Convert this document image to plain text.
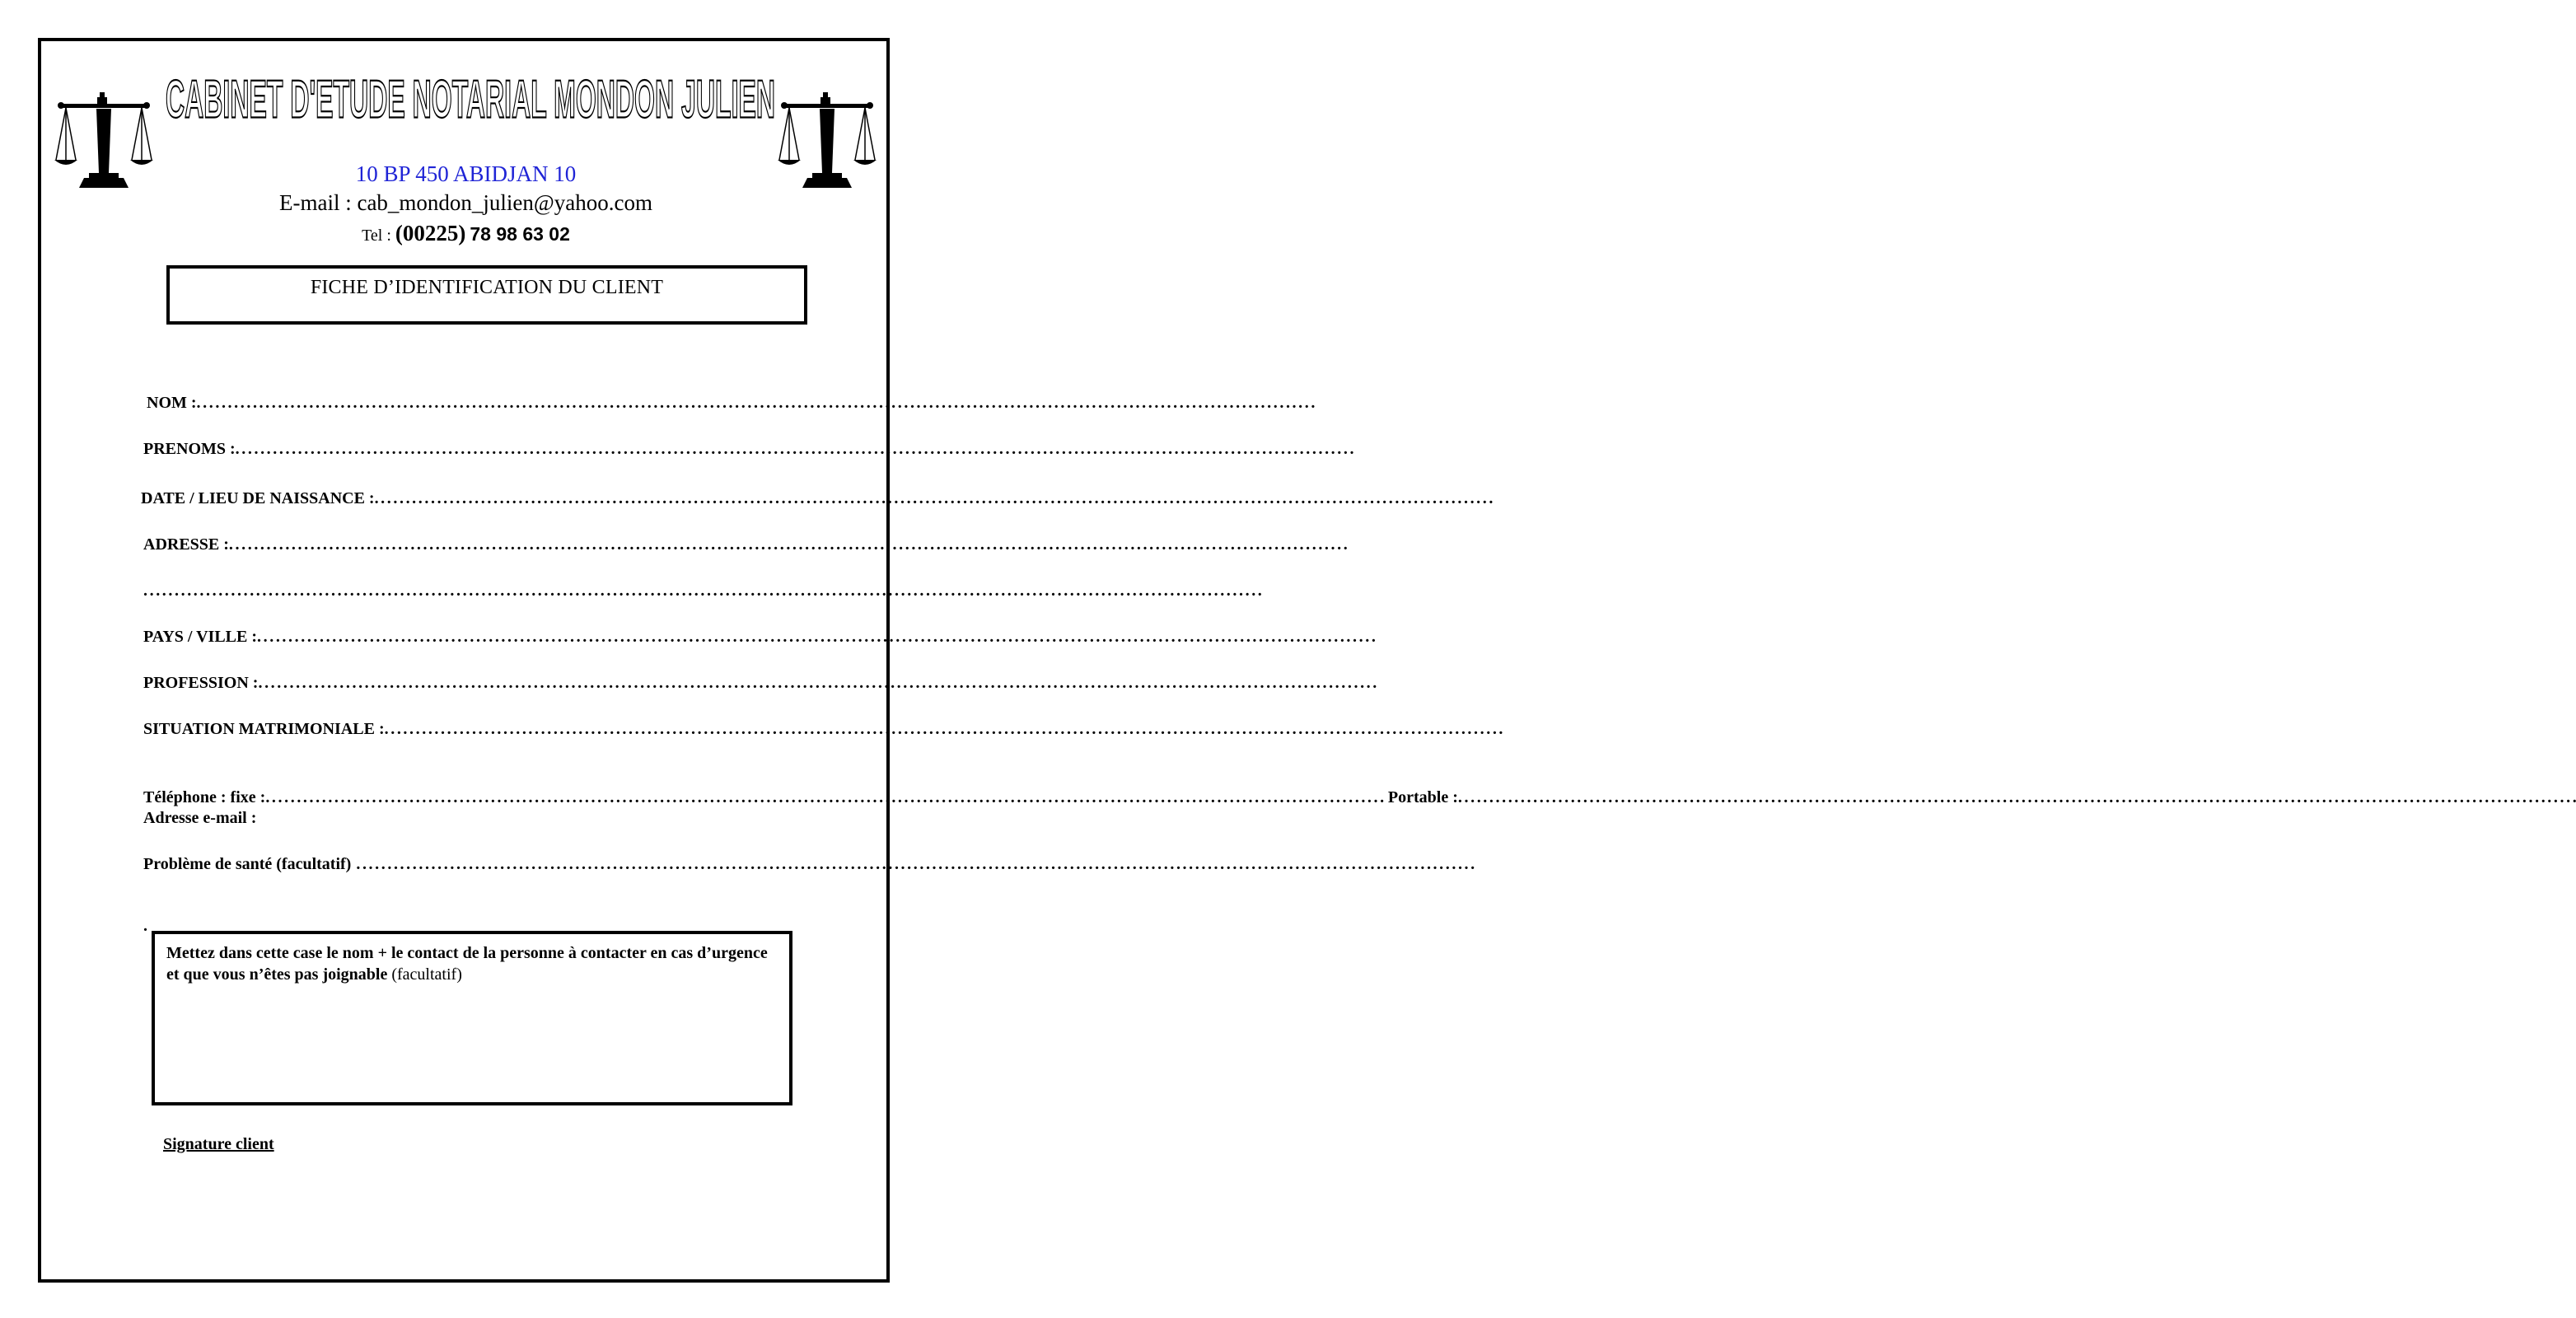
CABINET D'ETUDE NOTARIAL MONDON JULIEN
10 BP 450 ABIDJAN 10
E-mail : cab_mondon_julien@yahoo.com
Tel : (00225) 78 98 63 02
FICHE D’IDENTIFICATION DU CLIENT
NOM :
. . .
PRENOMS :
. . .
DATE / LIEU DE NAISSANCE :
. . .
ADRESSE :
. . .
. . .
PAYS / VILLE :
. . .
PROFESSION :
. . .
SITUATION MATRIMONIALE :
. . .
Téléphone : fixe :
. . .	Portable :
. . .
Adresse e-mail :
Problème de santé (facultatif)
. . .
.
Mettez dans cette case le nom + le contact de la personne à contacter en cas d’urgence et que vous n’êtes pas joignable (facultatif)
Signature client
